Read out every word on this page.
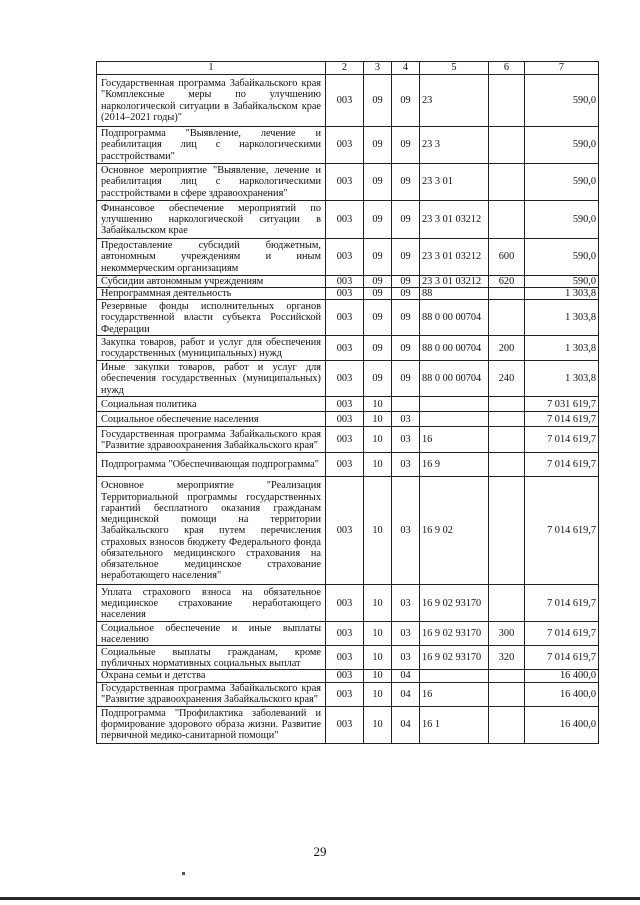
1	2	3	4	5	6	7
Государственная программа Забайкальского края "Комплексные меры по улучшению наркологической ситуации в Забайкальском крае (2014–2021 годы)"	003	09	09	23		590,0
Подпрограмма "Выявление, лечение и реабилитация лиц с наркологическими расстройствами"	003	09	09	23 3		590,0
Основное мероприятие "Выявление, лечение и реабилитация лиц с наркологическими расстройствами в сфере здравоохранения"	003	09	09	23 3 01		590,0
Финансовое обеспечение мероприятий по улучшению наркологической ситуации в Забайкальском крае	003	09	09	23 3 01 03212		590,0
Предоставление субсидий бюджетным, автономным учреждениям и иным некоммерческим организациям	003	09	09	23 3 01 03212	600	590,0
Субсидии автономным учреждениям	003	09	09	23 3 01 03212	620	590,0
Непрограммная деятельность	003	09	09	88		1 303,8
Резервные фонды исполнительных органов государственной власти субъекта Российской Федерации	003	09	09	88 0 00 00704		1 303,8
Закупка товаров, работ и услуг для обеспечения государственных (муниципальных) нужд	003	09	09	88 0 00 00704	200	1 303,8
Иные закупки товаров, работ и услуг для обеспечения государственных (муниципальных) нужд	003	09	09	88 0 00 00704	240	1 303,8
Социальная политика	003	10				7 031 619,7
Социальное обеспечение населения	003	10	03			7 014 619,7
Государственная программа Забайкальского края "Развитие здравоохранения Забайкальского края"	003	10	03	16		7 014 619,7
Подпрограмма "Обеспечивающая подпрограмма"	003	10	03	16 9		7 014 619,7
Основное мероприятие "Реализация Территориальной программы государственных гарантий бесплатного оказания гражданам медицинской помощи на территории Забайкальского края путем перечисления страховых взносов бюджету Федерального фонда обязательного медицинского страхования на обязательное медицинское страхование неработающего населения"	003	10	03	16 9 02		7 014 619,7
Уплата страхового взноса на обязательное медицинское страхование неработающего населения	003	10	03	16 9 02 93170		7 014 619,7
Социальное обеспечение и иные выплаты населению	003	10	03	16 9 02 93170	300	7 014 619,7
Социальные выплаты гражданам, кроме публичных нормативных социальных выплат	003	10	03	16 9 02 93170	320	7 014 619,7
Охрана семьи и детства	003	10	04			16 400,0
Государственная программа Забайкальского края "Развитие здравоохранения Забайкальского края"	003	10	04	16		16 400,0
Подпрограмма "Профилактика заболеваний и формирование здорового образа жизни. Развитие первичной медико-санитарной помощи"	003	10	04	16 1		16 400,0
29
